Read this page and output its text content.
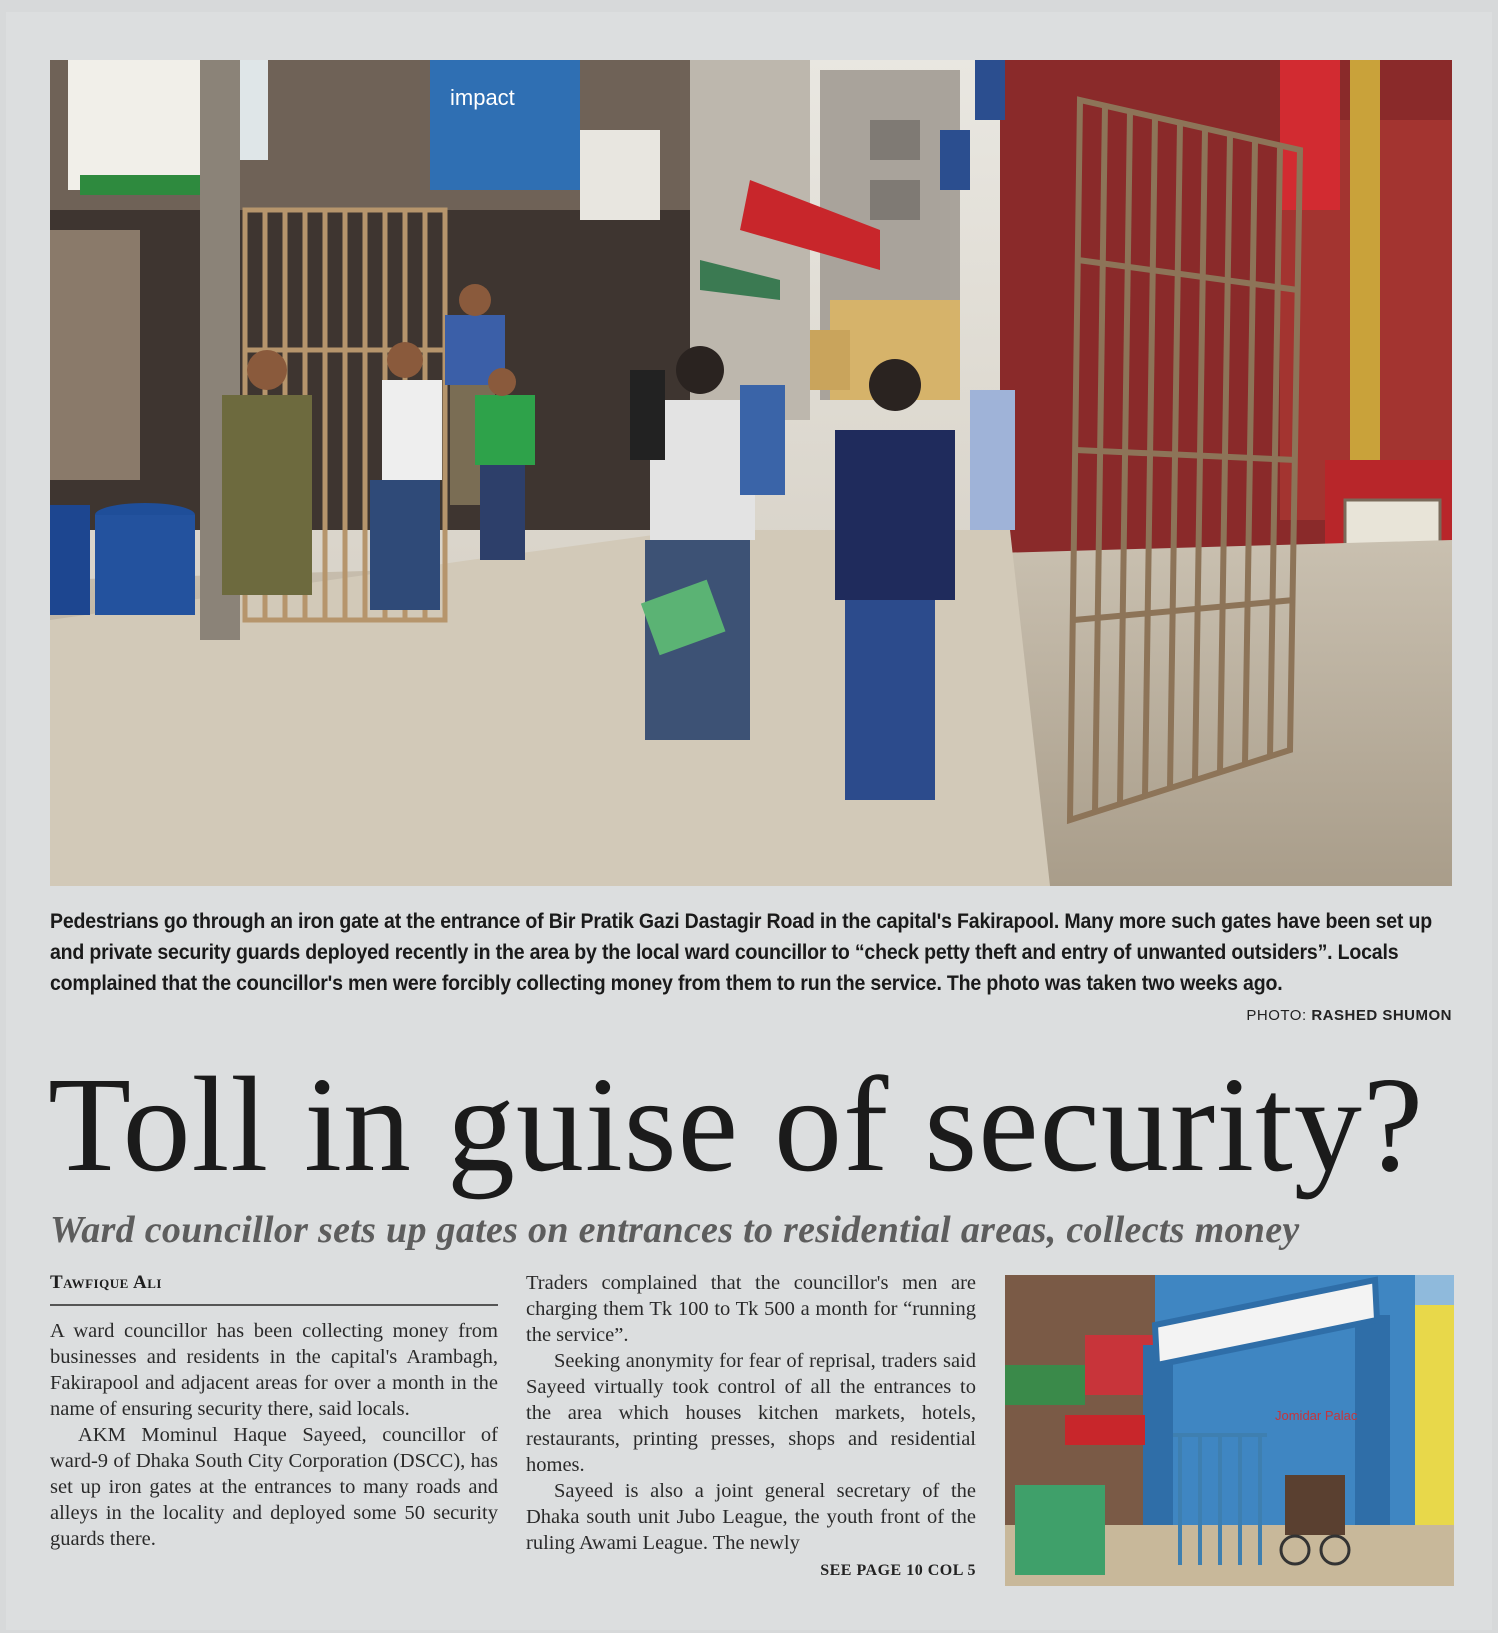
impact
Pedestrians go through an iron gate at the entrance of Bir Pratik Gazi Dastagir Road in the capital's Fakirapool. Many more such gates have been set up and private security guards deployed recently in the area by the local ward councillor to “check petty theft and entry of unwanted outsiders”. Locals complained that the councillor's men were forcibly collecting money from them to run the service. The photo was taken two weeks ago.
PHOTO: RASHED SHUMON
Toll in guise of security?
Ward councillor sets up gates on entrances to residential areas, collects money
Tawfique Ali

A ward councillor has been collecting money from businesses and residents in the capital's Arambagh, Fakirapool and adjacent areas for over a month in the name of ensuring security there, said locals.

AKM Mominul Haque Sayeed, councillor of ward-9 of Dhaka South City Corporation (DSCC), has set up iron gates at the entrances to many roads and alleys in the locality and deployed some 50 security guards there.

Traders complained that the councillor's men are charging them Tk 100 to Tk 500 a month for “running the service”.

Seeking anonymity for fear of reprisal, traders said Sayeed virtually took control of all the entrances to the area which houses kitchen markets, hotels, restaurants, printing presses, shops and residential homes.

Sayeed is also a joint general secretary of the Dhaka south unit Jubo League, the youth front of the ruling Awami League. The newly

SEE PAGE 10 COL 5
Jomidar Palac
